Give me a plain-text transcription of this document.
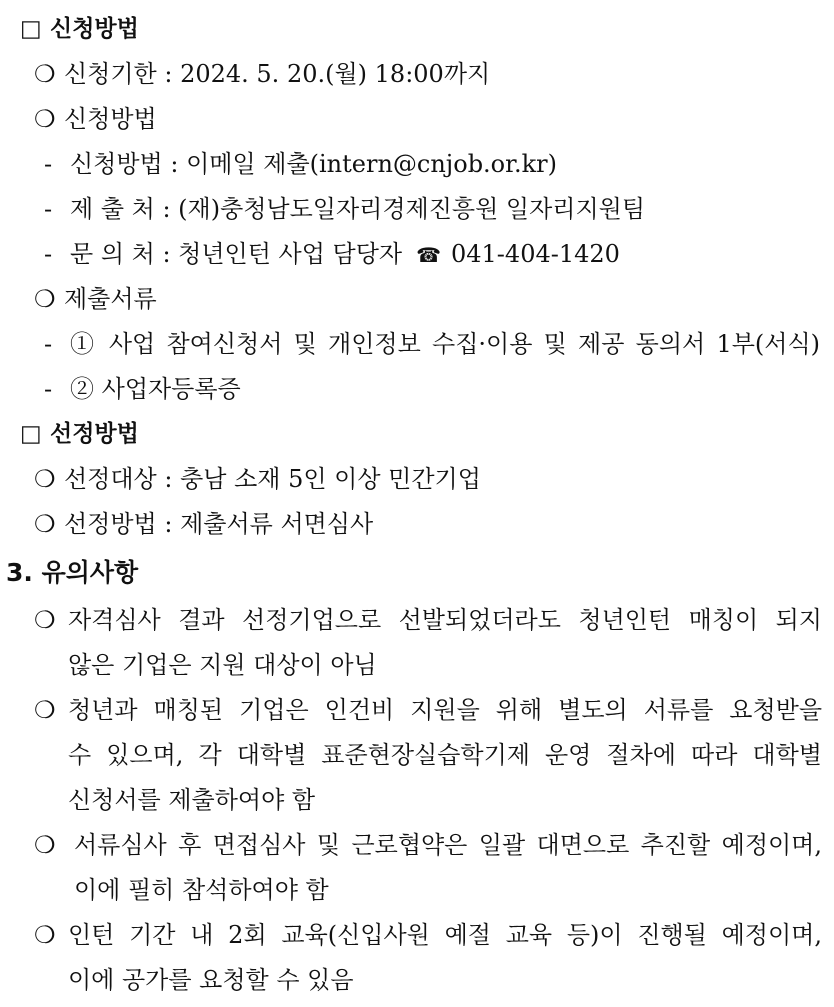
□ 신청방법
❍ 신청기한 : 2024. 5. 20.(월) 18:00까지
❍ 신청방법
- 신청방법 : 이메일 제출(intern@cnjob.or.kr)
- 제 출 처 : (재)충청남도일자리경제진흥원 일자리지원팀
- 문 의 처 : 청년인턴 사업 담당자 ☎ 041-404-1420
❍ 제출서류
- ① 사업 참여신청서 및 개인정보 수집·이용 및 제공 동의서 1부(서식)
- ② 사업자등록증
□ 선정방법
❍ 선정대상 : 충남 소재 5인 이상 민간기업
❍ 선정방법 : 제출서류 서면심사
3. 유의사항
❍ 자격심사 결과 선정기업으로 선발되었더라도 청년인턴 매칭이 되지
않은 기업은 지원 대상이 아님
❍ 청년과 매칭된 기업은 인건비 지원을 위해 별도의 서류를 요청받을
수 있으며, 각 대학별 표준현장실습학기제 운영 절차에 따라 대학별
신청서를 제출하여야 함
❍ 서류심사 후 면접심사 및 근로협약은 일괄 대면으로 추진할 예정이며,
이에 필히 참석하여야 함
❍ 인턴 기간 내 2회 교육(신입사원 예절 교육 등)이 진행될 예정이며,
이에 공가를 요청할 수 있음
